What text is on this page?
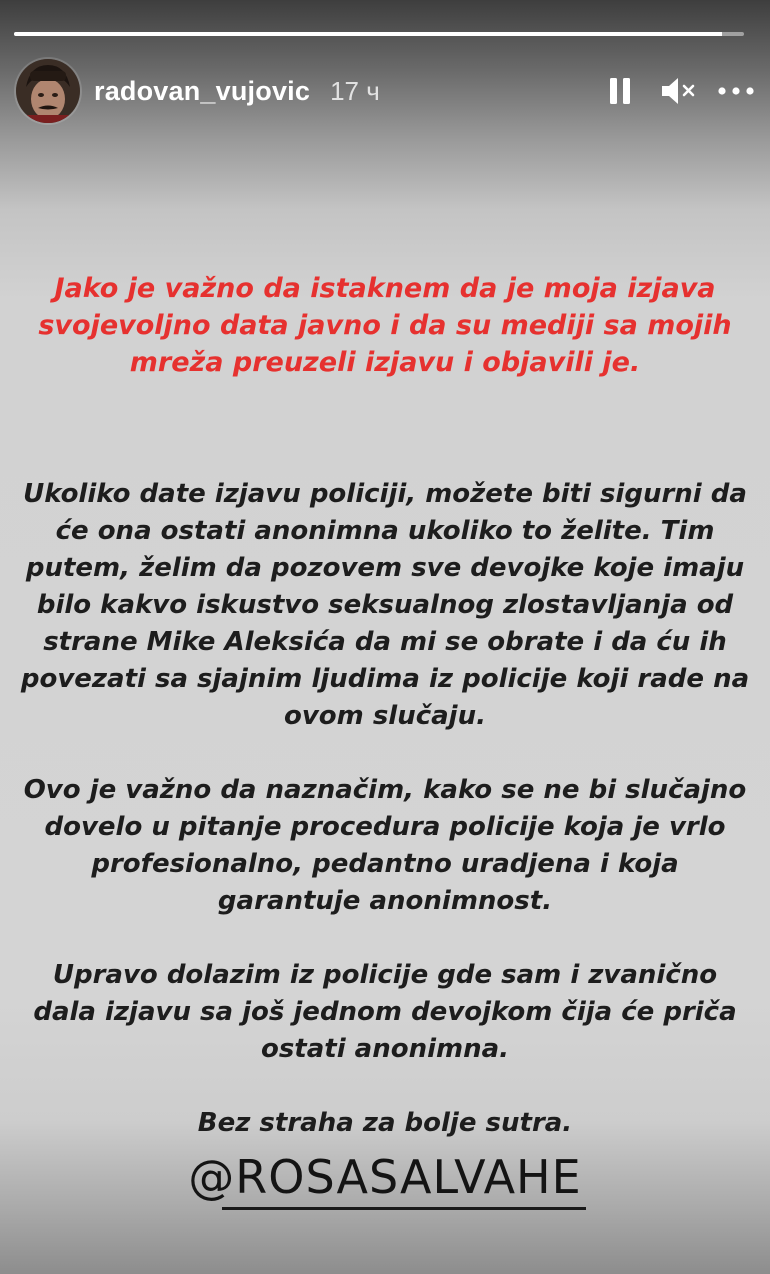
radovan_vujovic 17 ч
Jako je važno da istaknem da je moja izjava
svojevoljno data javno i da su mediji sa mojih
mreža preuzeli izjavu i objavili je.
Ukoliko date izjavu policiji, možete biti sigurni da
će ona ostati anonimna ukoliko to želite. Tim
putem, želim da pozovem sve devojke koje imaju
bilo kakvo iskustvo seksualnog zlostavljanja od
strane Mike Aleksića da mi se obrate i da ću ih
povezati sa sjajnim ljudima iz policije koji rade na
ovom slučaju.
Ovo je važno da naznačim, kako se ne bi slučajno
dovelo u pitanje procedura policije koja je vrlo
profesionalno, pedantno uradjena i koja
garantuje anonimnost.
Upravo dolazim iz policije gde sam i zvanično
dala izjavu sa još jednom devojkom čija će priča
ostati anonimna.
Bez straha za bolje sutra.
@ROSASALVAHE
